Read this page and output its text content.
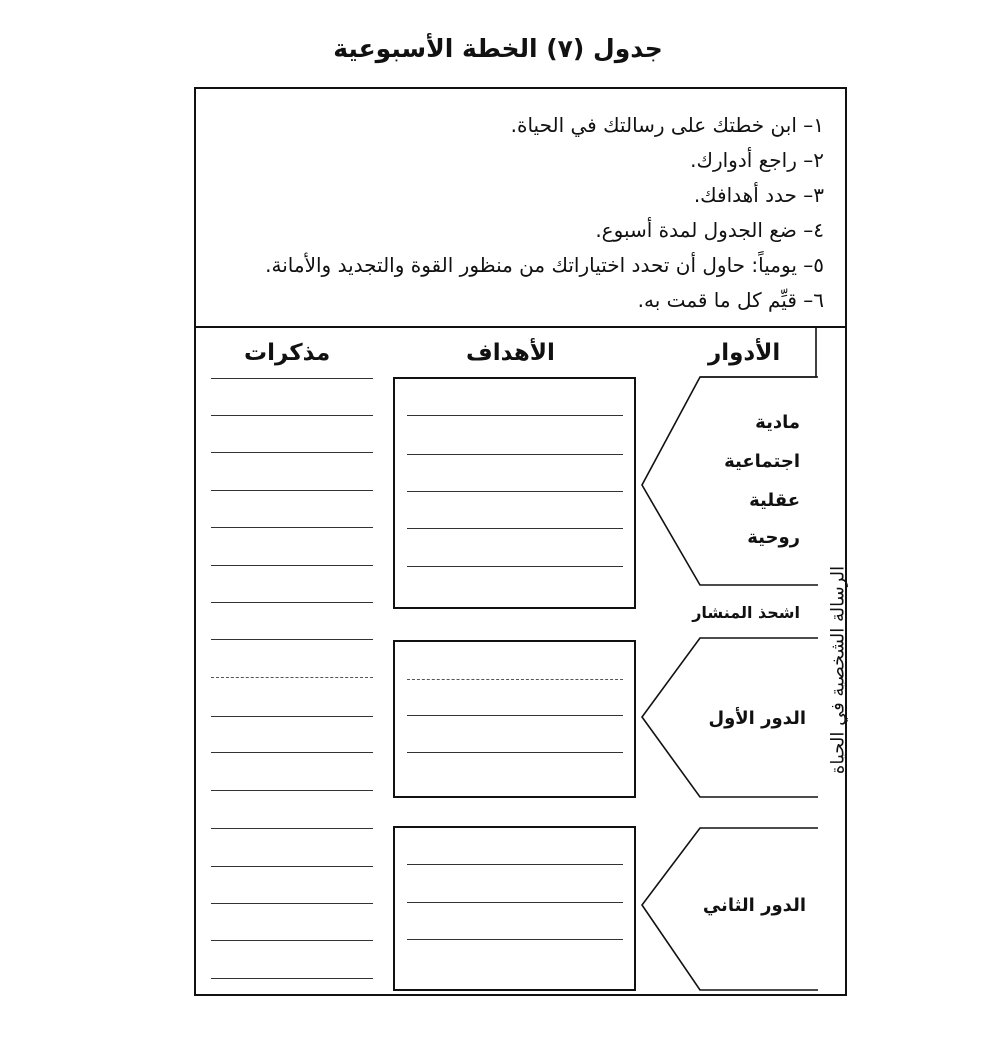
جدول (٧) الخطة الأسبوعية
١– ابن خطتك على رسالتك في الحياة.
٢– راجع أدوارك.
٣– حدد أهدافك.
٤– ضع الجدول لمدة أسبوع.
٥– يومياً: حاول أن تحدد اختياراتك من منظور القوة والتجديد والأمانة.
٦– قيِّم كل ما قمت به.
الأدوار
الأهداف
مذكرات
مادية
اجتماعية
عقلية
روحية
اشحذ المنشار
الدور الأول
الدور الثاني
الرسالة الشخصية في الحياة
